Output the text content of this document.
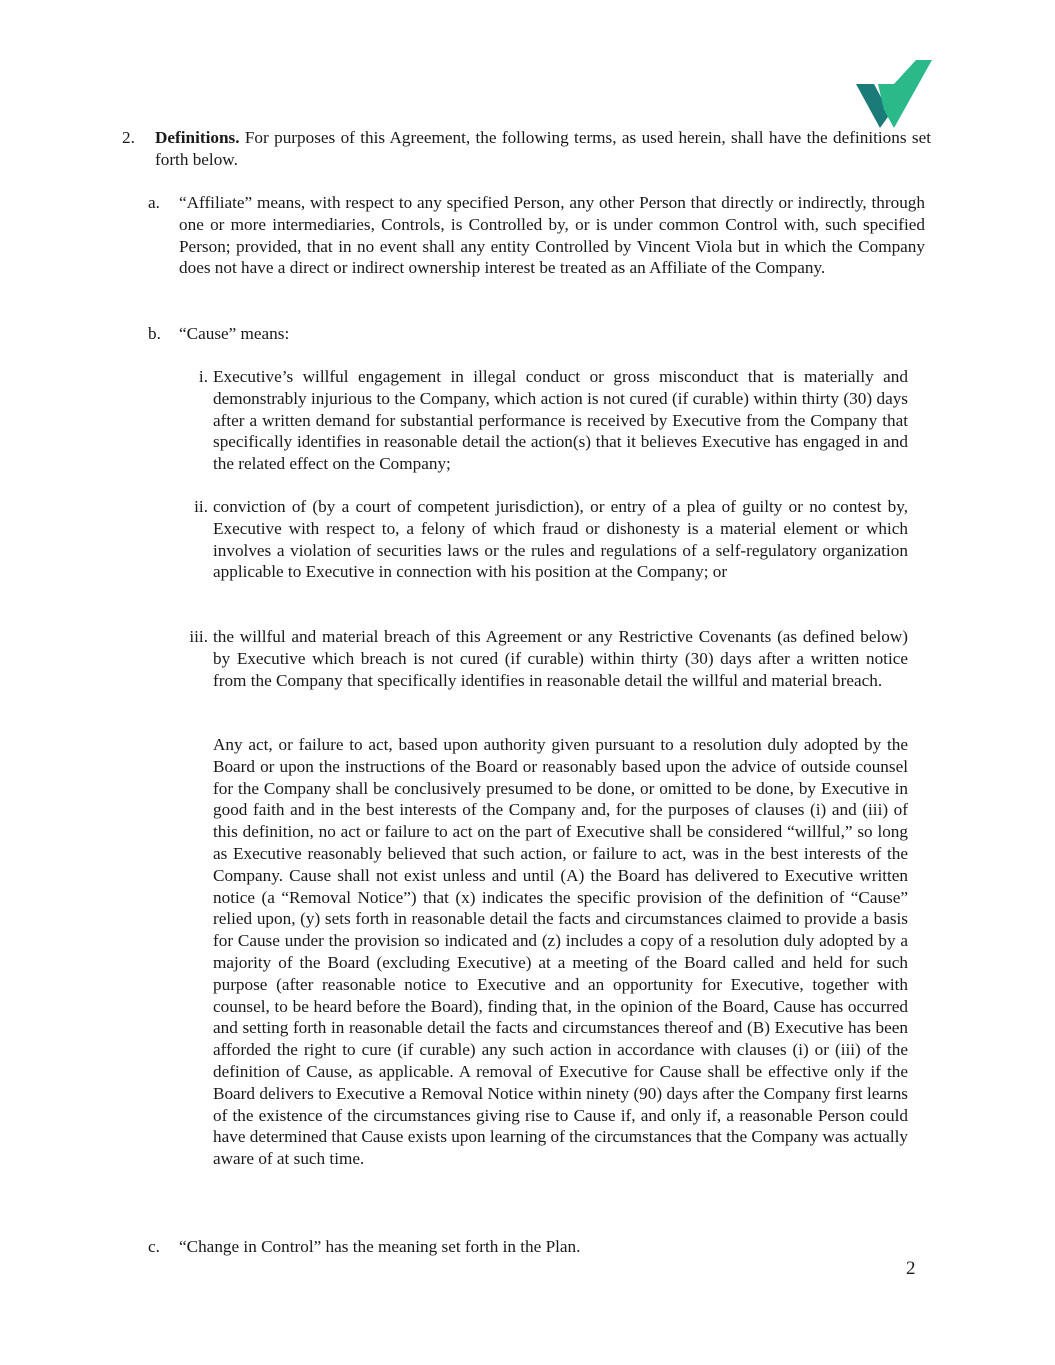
2. Definitions. For purposes of this Agreement, the following terms, as used herein, shall have the definitions set forth below.
a. “Affiliate” means, with respect to any specified Person, any other Person that directly or indirectly, through one or more intermediaries, Controls, is Controlled by, or is under common Control with, such specified Person; provided, that in no event shall any entity Controlled by Vincent Viola but in which the Company does not have a direct or indirect ownership interest be treated as an Affiliate of the Company.
b. “Cause” means:
i. Executive’s willful engagement in illegal conduct or gross misconduct that is materially and demonstrably injurious to the Company, which action is not cured (if curable) within thirty (30) days after a written demand for substantial performance is received by Executive from the Company that specifically identifies in reasonable detail the action(s) that it believes Executive has engaged in and the related effect on the Company;
ii. conviction of (by a court of competent jurisdiction), or entry of a plea of guilty or no contest by, Executive with respect to, a felony of which fraud or dishonesty is a material element or which involves a violation of securities laws or the rules and regulations of a self-regulatory organization applicable to Executive in connection with his position at the Company; or
iii. the willful and material breach of this Agreement or any Restrictive Covenants (as defined below) by Executive which breach is not cured (if curable) within thirty (30) days after a written notice from the Company that specifically identifies in reasonable detail the willful and material breach.
Any act, or failure to act, based upon authority given pursuant to a resolution duly adopted by the Board or upon the instructions of the Board or reasonably based upon the advice of outside counsel for the Company shall be conclusively presumed to be done, or omitted to be done, by Executive in good faith and in the best interests of the Company and, for the purposes of clauses (i) and (iii) of this definition, no act or failure to act on the part of Executive shall be considered “willful,” so long as Executive reasonably believed that such action, or failure to act, was in the best interests of the Company. Cause shall not exist unless and until (A) the Board has delivered to Executive written notice (a “Removal Notice”) that (x) indicates the specific provision of the definition of “Cause” relied upon, (y) sets forth in reasonable detail the facts and circumstances claimed to provide a basis for Cause under the provision so indicated and (z) includes a copy of a resolution duly adopted by a majority of the Board (excluding Executive) at a meeting of the Board called and held for such purpose (after reasonable notice to Executive and an opportunity for Executive, together with counsel, to be heard before the Board), finding that, in the opinion of the Board, Cause has occurred and setting forth in reasonable detail the facts and circumstances thereof and (B) Executive has been afforded the right to cure (if curable) any such action in accordance with clauses (i) or (iii) of the definition of Cause, as applicable. A removal of Executive for Cause shall be effective only if the Board delivers to Executive a Removal Notice within ninety (90) days after the Company first learns of the existence of the circumstances giving rise to Cause if, and only if, a reasonable Person could have determined that Cause exists upon learning of the circumstances that the Company was actually aware of at such time.
c. “Change in Control” has the meaning set forth in the Plan.
2
